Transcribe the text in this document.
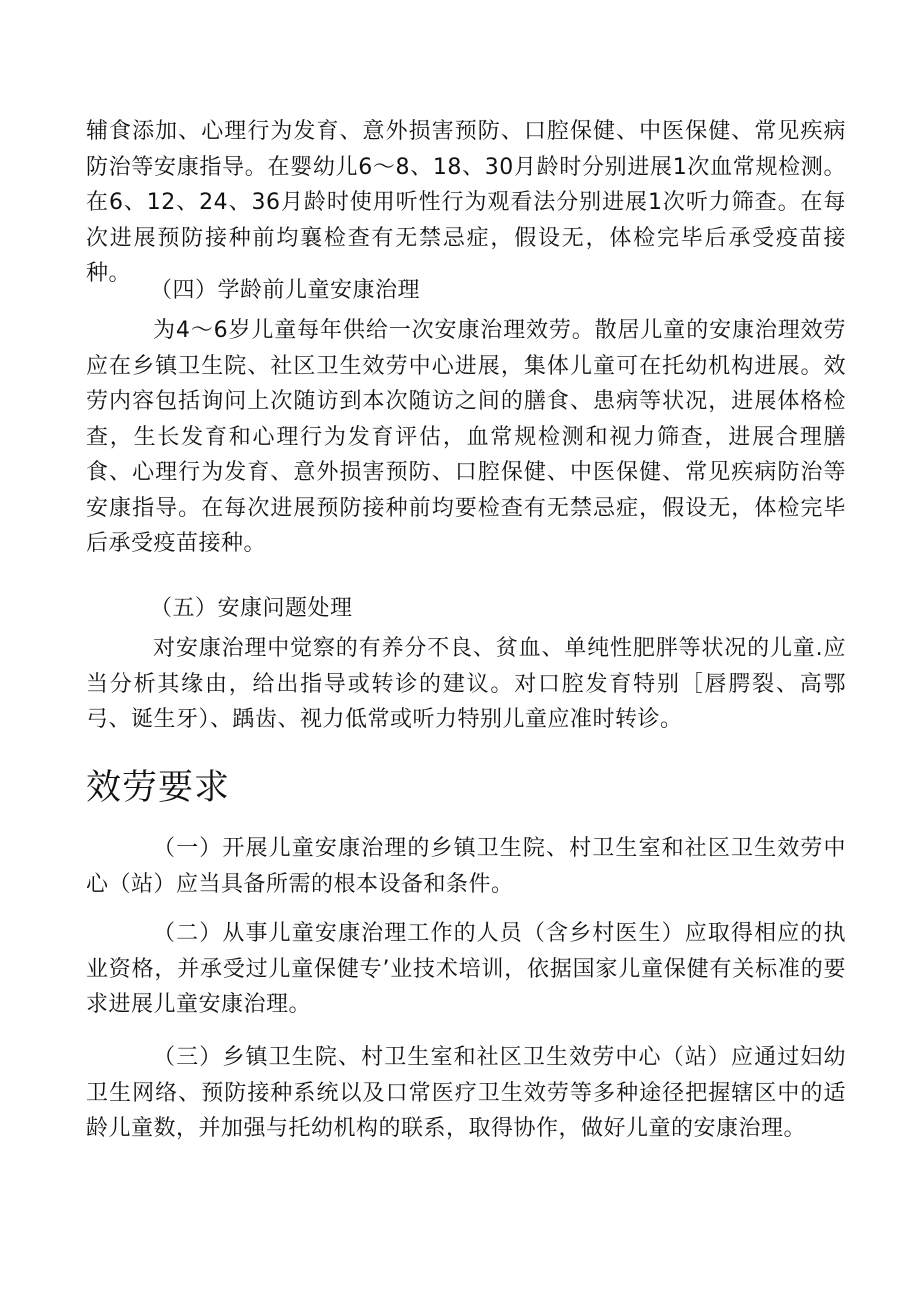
辅食添加、心理行为发育、意外损害预防、口腔保健、中医保健、常见疾病防治等安康指导。在婴幼儿6〜8、18、30月龄时分别进展1次血常规检测。在6、12、24、36月龄时使用听性行为观看法分别进展1次听力筛查。在每次进展预防接种前均襄检查有无禁忌症，假设无，体检完毕后承受疫苗接种。

（四）学龄前儿童安康治理

为4〜6岁儿童每年供给一次安康治理效劳。散居儿童的安康治理效劳应在乡镇卫生院、社区卫生效劳中心进展，集体儿童可在托幼机构进展。效劳内容包括询问上次随访到本次随访之间的膳食、患病等状况，进展体格检查，生长发育和心理行为发育评估，血常规检测和视力筛查，进展合理膳食、心理行为发育、意外损害预防、口腔保健、中医保健、常见疾病防治等安康指导。在每次进展预防接种前均要检查有无禁忌症，假设无，体检完毕后承受疫苗接种。

（五）安康问题处理

对安康治理中觉察的有养分不良、贫血、单纯性肥胖等状况的儿童.应当分析其缘由，给出指导或转诊的建议。对口腔发育特别［唇腭裂、高鄂弓、诞生牙）、踽齿、视力低常或听力特别儿童应准时转诊。

效劳要求

（一）开展儿童安康治理的乡镇卫生院、村卫生室和社区卫生效劳中心（站）应当具备所需的根本设备和条件。

（二）从事儿童安康治理工作的人员（含乡村医生）应取得相应的执业资格，并承受过儿童保健专’业技术培训，依据国家儿童保健有关标准的要求进展儿童安康治理。

（三）乡镇卫生院、村卫生室和社区卫生效劳中心（站）应通过妇幼卫生网络、预防接种系统以及口常医疗卫生效劳等多种途径把握辖区中的适龄儿童数，并加强与托幼机构的联系，取得协作，做好儿童的安康治理。
